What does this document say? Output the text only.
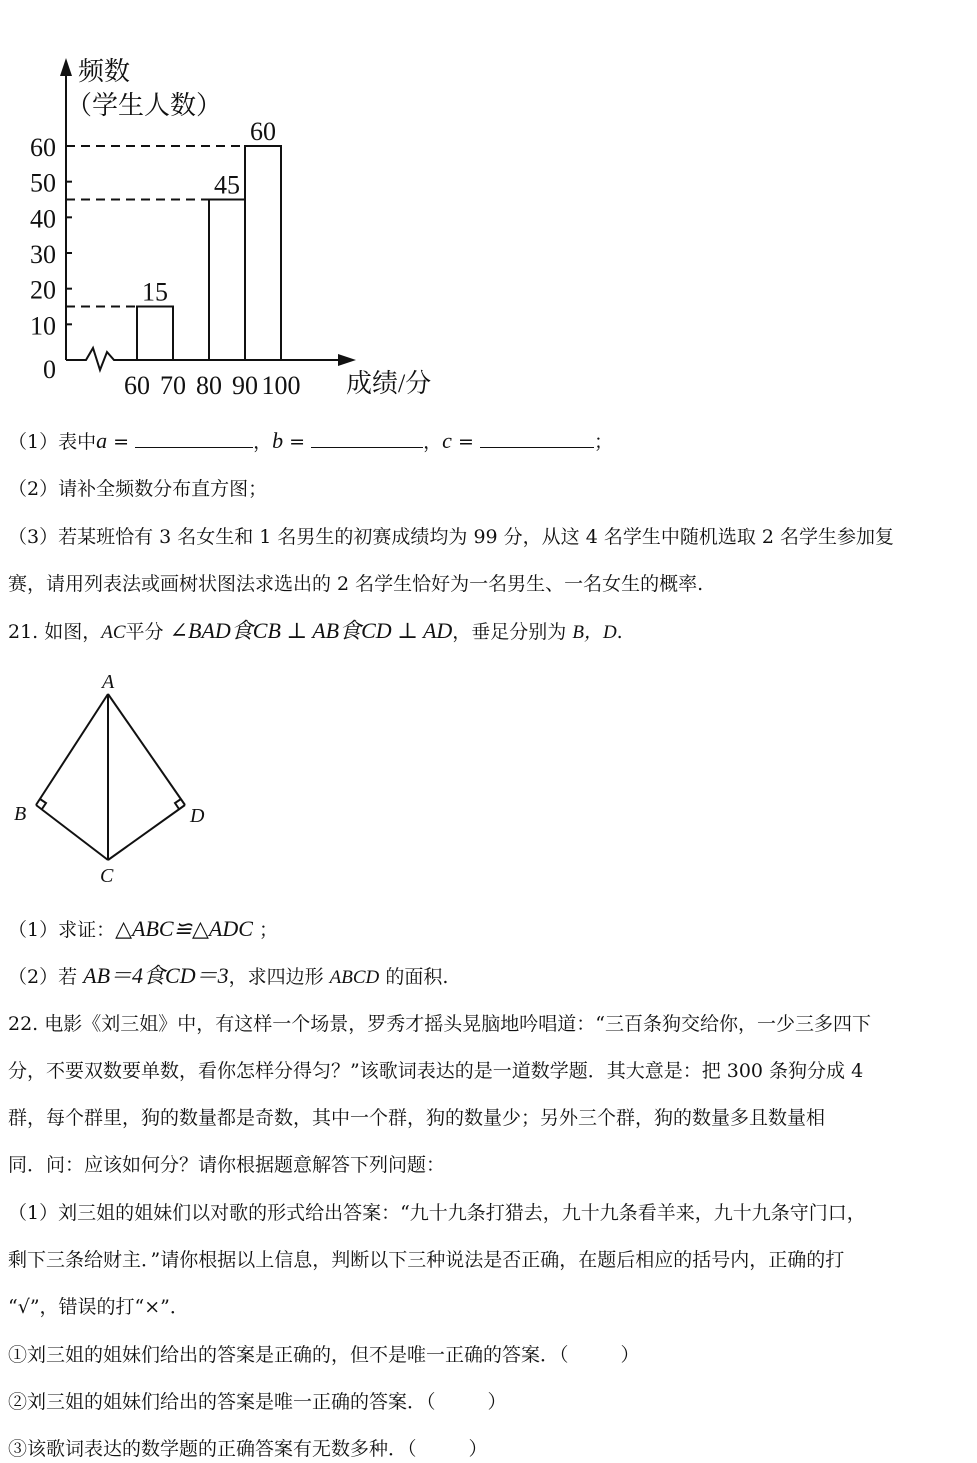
频数
（学生人数）
0
10
20
30
40
50
60
60 70 80 90 100
15
45
60
成绩/分
（1）表中a =	，b =	，c =	；
（2）请补全频数分布直方图；
（3）若某班恰有 3 名女生和 1 名男生的初赛成绩均为 99 分，从这 4 名学生中随机选取 2 名学生参加复
赛，请用列表法或画树状图法求选出的 2 名学生恰好为一名男生、一名女生的概率.
21. 如图，AC平分 ∠BAD食CB ⊥ AB食CD ⊥ AD，垂足分别为 B，D.
A
B
C
D
（1）求证：△ABC≌△ADC ；
（2）若 AB＝4食CD＝3，求四边形 ABCD 的面积.
22. 电影《刘三姐》中，有这样一个场景，罗秀才摇头晃脑地吟唱道：“三百条狗交给你，一少三多四下
分，不要双数要单数，看你怎样分得匀？”该歌词表达的是一道数学题．其大意是：把 300 条狗分成 4
群，每个群里，狗的数量都是奇数，其中一个群，狗的数量少；另外三个群，狗的数量多且数量相
同．问：应该如何分？请你根据题意解答下列问题：
（1）刘三姐的姐妹们以对歌的形式给出答案：“九十九条打猎去，九十九条看羊来，九十九条守门口，
剩下三条给财主．”请你根据以上信息，判断以下三种说法是否正确，在题后相应的括号内，正确的打
“√”，错误的打“×”．
①刘三姐的姐妹们给出的答案是正确的，但不是唯一正确的答案．（	）
②刘三姐的姐妹们给出的答案是唯一正确的答案．（	）
③该歌词表达的数学题的正确答案有无数多种．（	）
